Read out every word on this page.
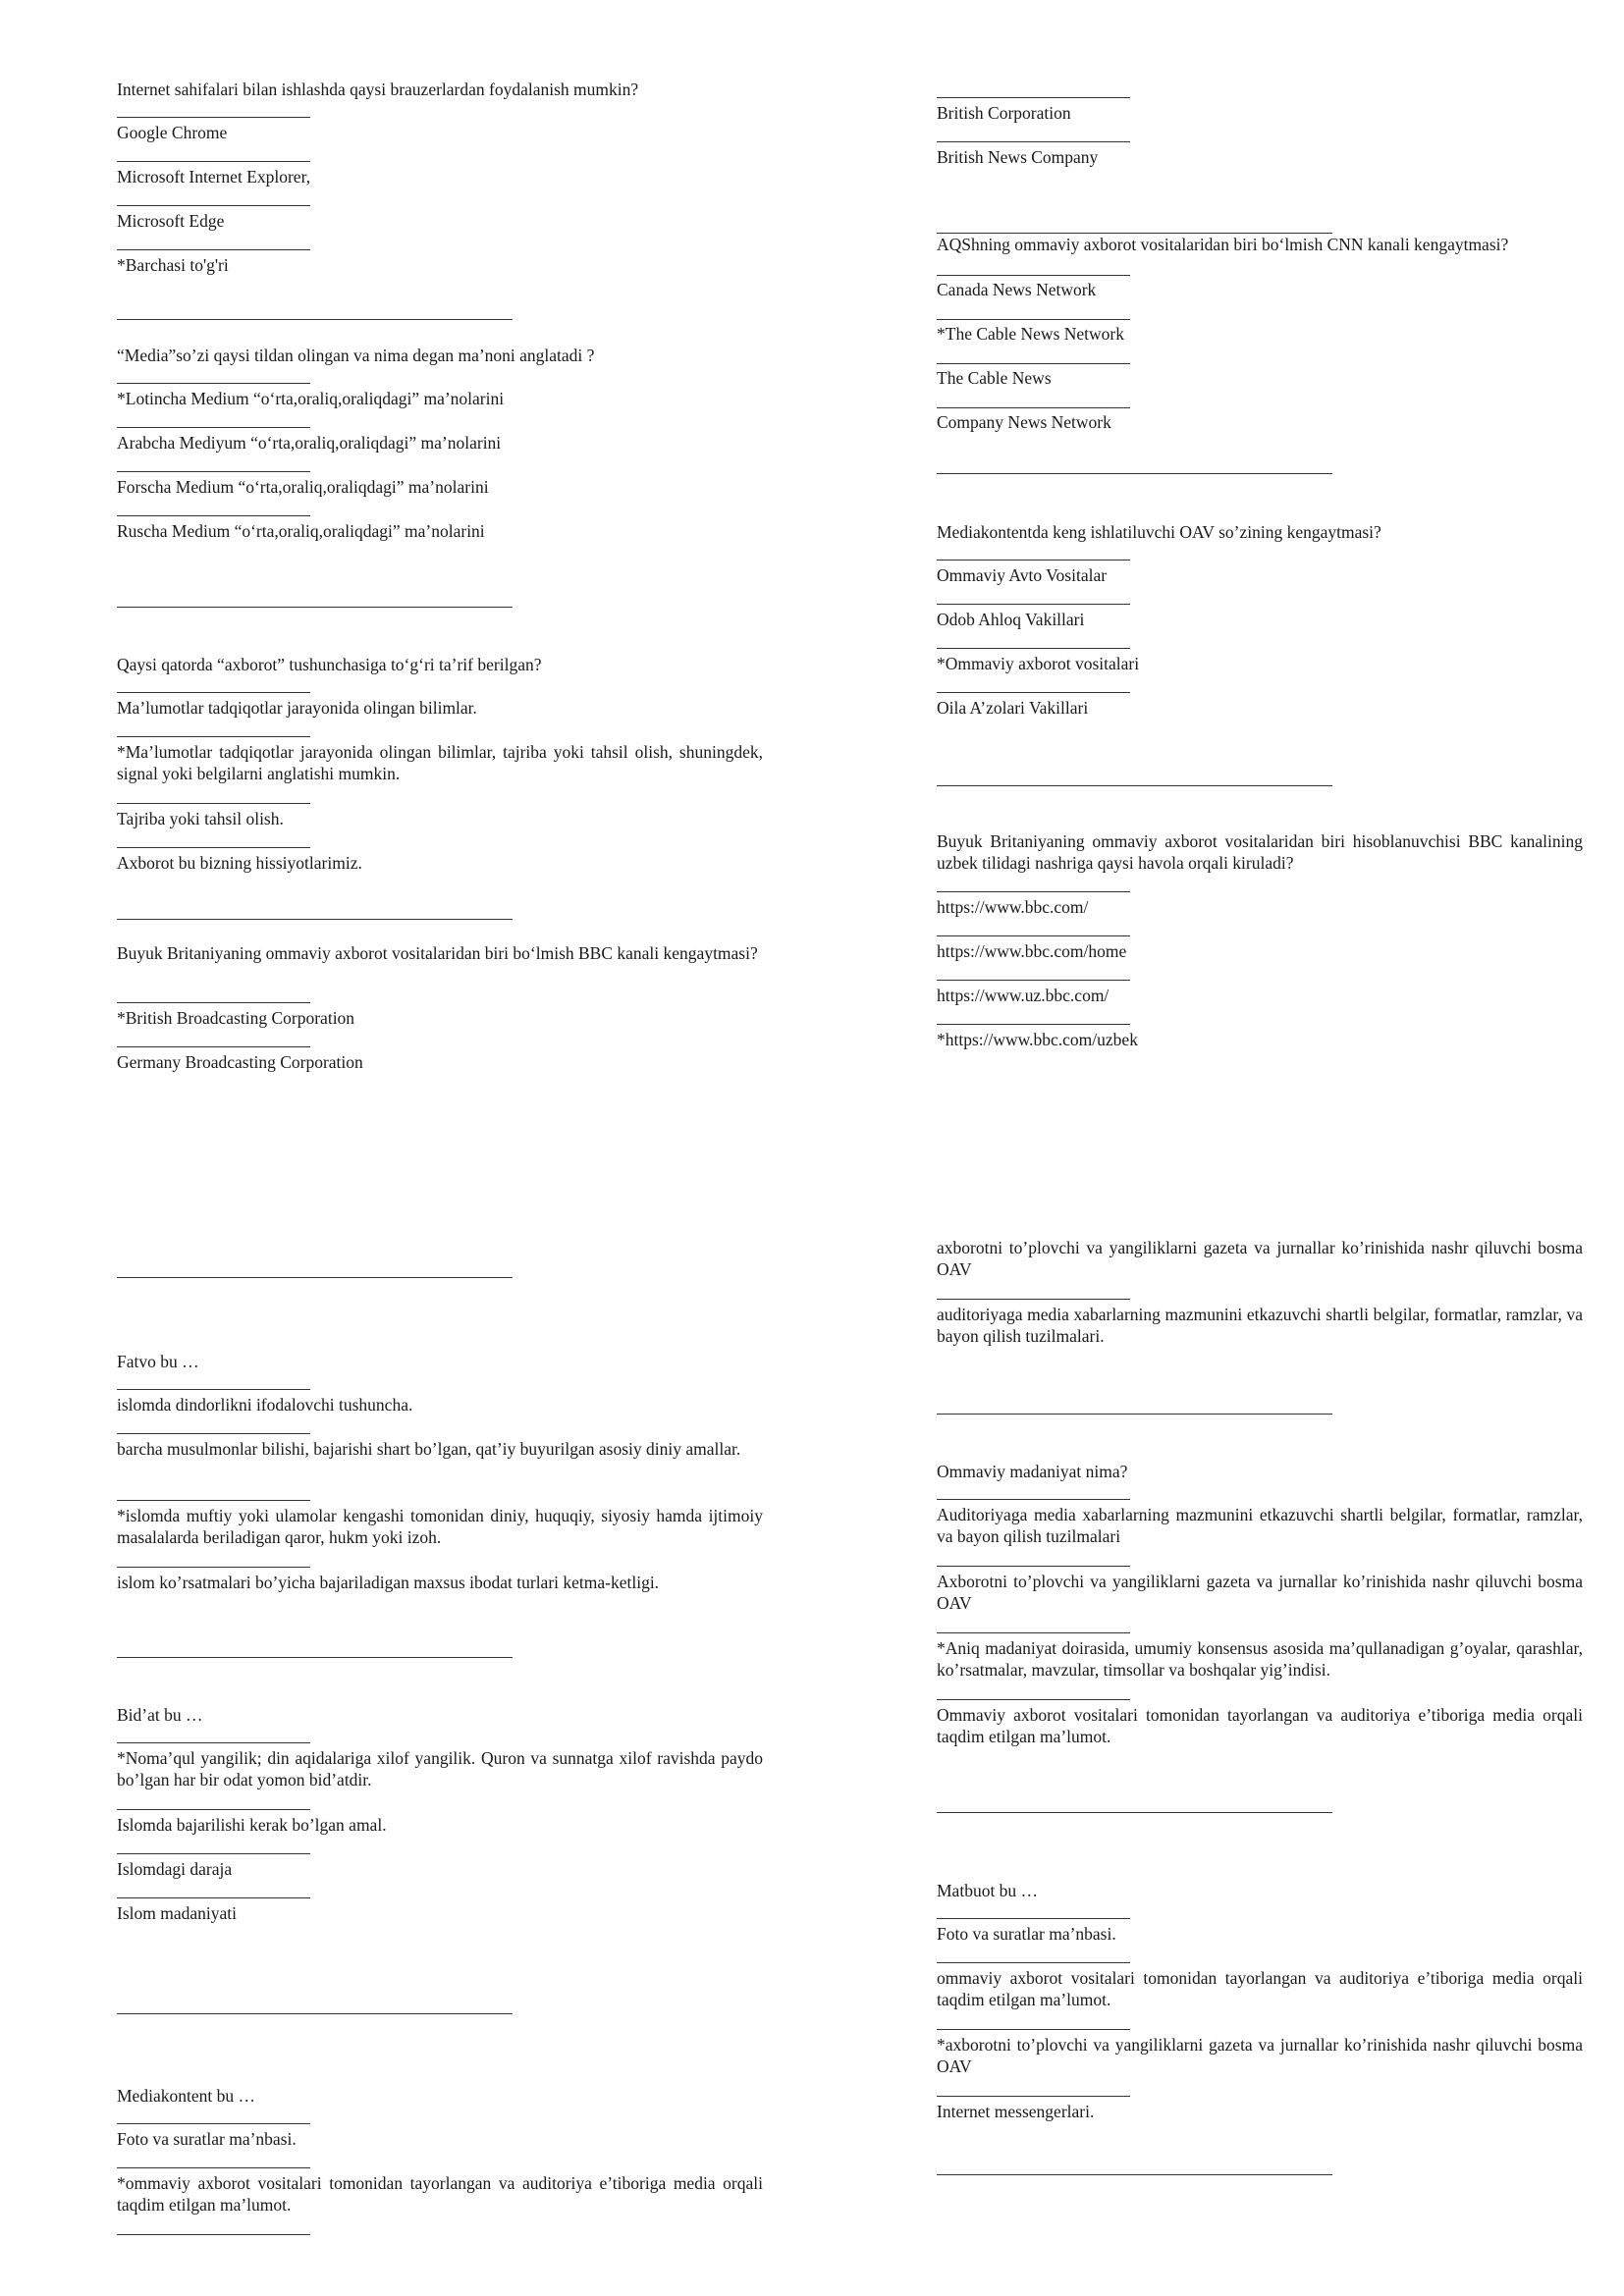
Internet sahifalari bilan ishlashda qaysi brauzerlardan foydalanish mumkin?

Google Chrome
Microsoft Internet Explorer,
Microsoft Edge
*Barchasi to'g'ri

“Media”so’zi qaysi tildan olingan va nima degan ma’noni anglatadi ?

*Lotincha Medium “o‘rta,oraliq,oraliqdagi” ma’nolarini
Arabcha Mediyum “o‘rta,oraliq,oraliqdagi” ma’nolarini
Forscha Medium “o‘rta,oraliq,oraliqdagi” ma’nolarini
Ruscha Medium “o‘rta,oraliq,oraliqdagi” ma’nolarini

Qaysi qatorda “axborot” tushunchasiga to‘g‘ri ta’rif berilgan?

Ma’lumotlar tadqiqotlar jarayonida olingan bilimlar.
*Ma’lumotlar tadqiqotlar jarayonida olingan bilimlar, tajriba yoki tahsil olish, shuningdek, signal yoki belgilarni anglatishi mumkin.
Tajriba yoki tahsil olish.
Axborot bu bizning hissiyotlarimiz.

Buyuk Britaniyaning ommaviy axborot vositalaridan biri bo‘lmish BBC kanali kengaytmasi?

*British Broadcasting Corporation
Germany Broadcasting Corporation
British Corporation
British News Company

AQShning ommaviy axborot vositalaridan biri bo‘lmish CNN kanali kengaytmasi?

Canada News Network
*The Cable News Network
The Cable News
Company News Network

Mediakontentda keng ishlatiluvchi OAV so’zining kengaytmasi?

Ommaviy Avto Vositalar
Odob Ahloq Vakillari
*Ommaviy axborot vositalari
Oila A’zolari Vakillari

Buyuk Britaniyaning ommaviy axborot vositalaridan biri hisoblanuvchisi BBC kanalining uzbek tilidagi nashriga qaysi havola orqali kiruladi?

https://www.bbc.com/
https://www.bbc.com/home
https://www.uz.bbc.com/
*https://www.bbc.com/uzbek

Fatvo bu …

islomda dindorlikni ifodalovchi tushuncha.
barcha musulmonlar bilishi, bajarishi shart bo’lgan, qat’iy buyurilgan asosiy diniy amallar.
*islomda muftiy yoki ulamolar kengashi tomonidan diniy, huquqiy, siyosiy hamda ijtimoiy masalalarda beriladigan qaror, hukm yoki izoh.
islom ko’rsatmalari bo’yicha bajariladigan maxsus ibodat turlari ketma-ketligi.

Bid’at bu …

*Noma’qul yangilik; din aqidalariga xilof yangilik. Quron va sunnatga xilof ravishda paydo bo’lgan har bir odat yomon bid’atdir.
Islomda bajarilishi kerak bo’lgan amal.
Islomdagi daraja
Islom madaniyati

Mediakontent bu …

Foto va suratlar ma’nbasi.
*ommaviy axborot vositalari tomonidan tayorlangan va auditoriya e’tiboriga media orqali taqdim etilgan ma’lumot.
axborotni to’plovchi va yangiliklarni gazeta va jurnallar ko’rinishida nashr qiluvchi bosma OAV
auditoriyaga media xabarlarning mazmunini etkazuvchi shartli belgilar, formatlar, ramzlar, va bayon qilish tuzilmalari.

Ommaviy madaniyat nima?

Auditoriyaga media xabarlarning mazmunini etkazuvchi shartli belgilar, formatlar, ramzlar, va bayon qilish tuzilmalari
Axborotni to’plovchi va yangiliklarni gazeta va jurnallar ko’rinishida nashr qiluvchi bosma OAV
*Aniq madaniyat doirasida, umumiy konsensus asosida ma’qullanadigan g’oyalar, qarashlar, ko’rsatmalar, mavzular, timsollar va boshqalar yig’indisi.
Ommaviy axborot vositalari tomonidan tayorlangan va auditoriya e’tiboriga media orqali taqdim etilgan ma’lumot.

Matbuot bu …

Foto va suratlar ma’nbasi.
ommaviy axborot vositalari tomonidan tayorlangan va auditoriya e’tiboriga media orqali taqdim etilgan ma’lumot.
*axborotni to’plovchi va yangiliklarni gazeta va jurnallar ko’rinishida nashr qiluvchi bosma OAV
Internet messengerlari.
